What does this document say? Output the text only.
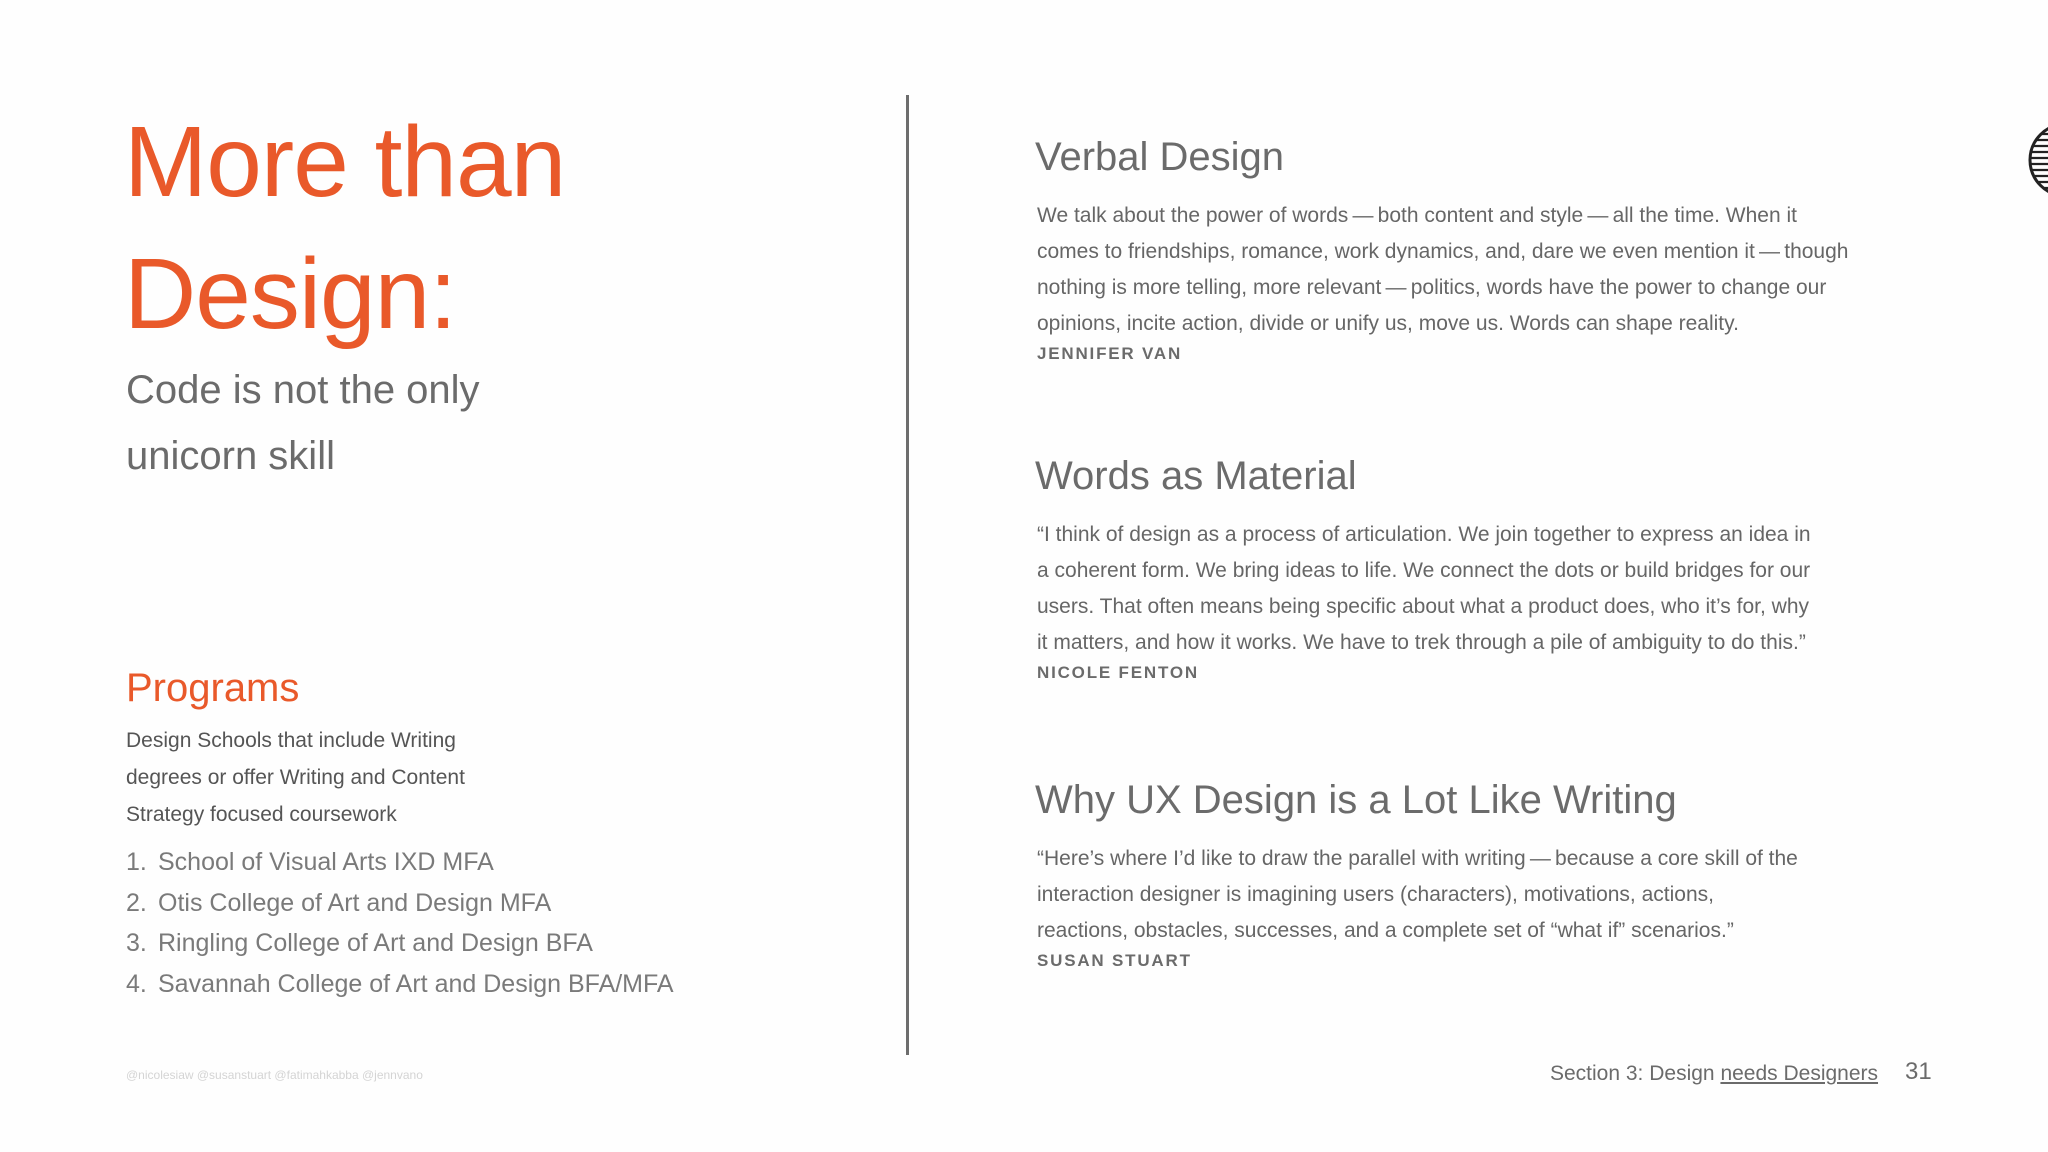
More than
Design:
Code is not the only
unicorn skill
Programs

Design Schools that include Writing
degrees or offer Writing and Content
Strategy focused coursework

1. School of Visual Arts IXD MFA
2. Otis College of Art and Design MFA
3. Ringling College of Art and Design BFA
4. Savannah College of Art and Design BFA/MFA
Verbal Design

We talk about the power of words — both content and style — all the time. When it
comes to friendships, romance, work dynamics, and, dare we even mention it — though
nothing is more telling, more relevant — politics, words have the power to change our
opinions, incite action, divide or unify us, move us. Words can shape reality.

JENNIFER VAN

Words as Material

“I think of design as a process of articulation. We join together to express an idea in
a coherent form. We bring ideas to life. We connect the dots or build bridges for our
users. That often means being specific about what a product does, who it’s for, why
it matters, and how it works. We have to trek through a pile of ambiguity to do this.”

NICOLE FENTON

Why UX Design is a Lot Like Writing

“Here’s where I’d like to draw the parallel with writing — because a core skill of the
interaction designer is imagining users (characters), motivations, actions,
reactions, obstacles, successes, and a complete set of “what if” scenarios.”

SUSAN STUART

@nicolesiaw @susanstuart @fatimahkabba @jennvano	Section 3: Design needs Designers 31
